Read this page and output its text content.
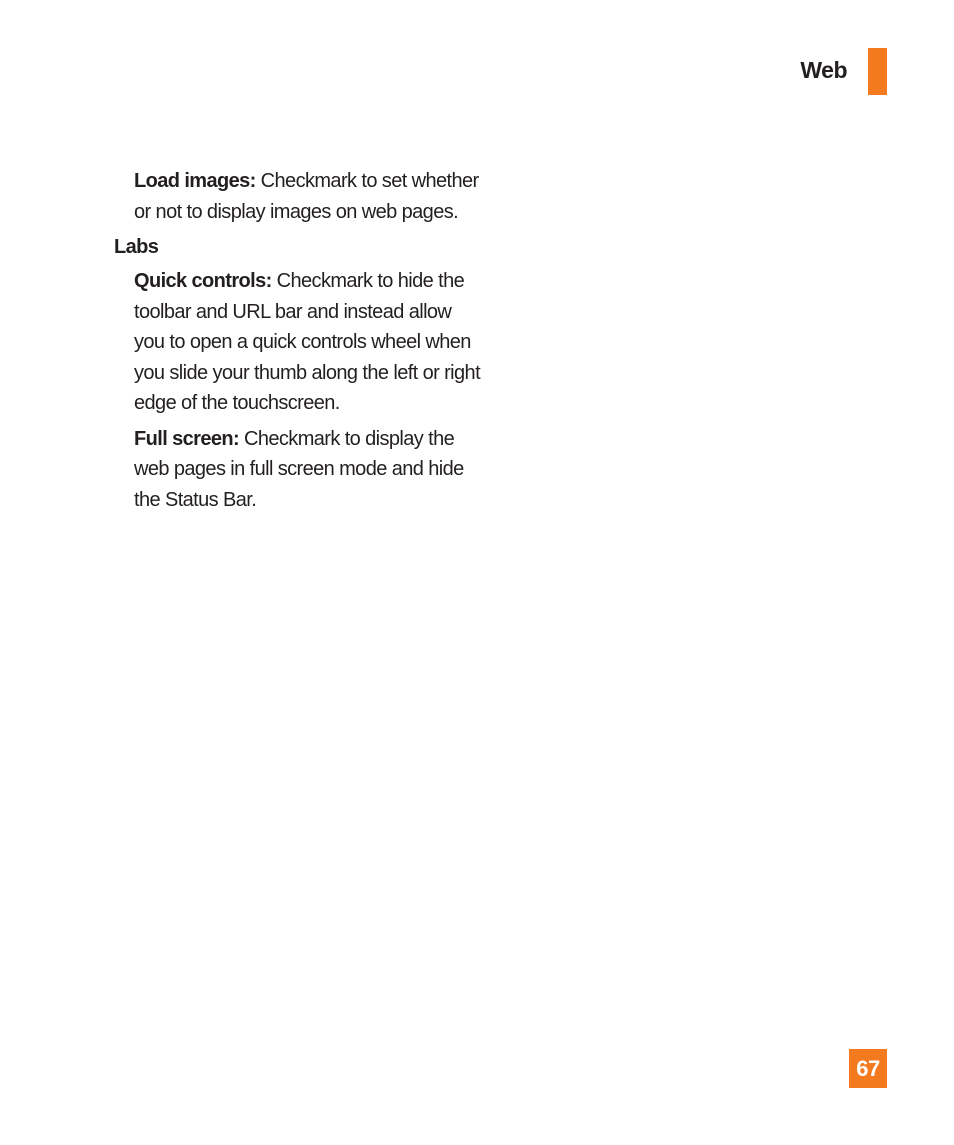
Web

Load images: Checkmark to set whether or not to display images on web pages.

Labs

Quick controls: Checkmark to hide the toolbar and URL bar and instead allow you to open a quick controls wheel when you slide your thumb along the left or right edge of the touchscreen.

Full screen: Checkmark to display the web pages in full screen mode and hide the Status Bar.

67
